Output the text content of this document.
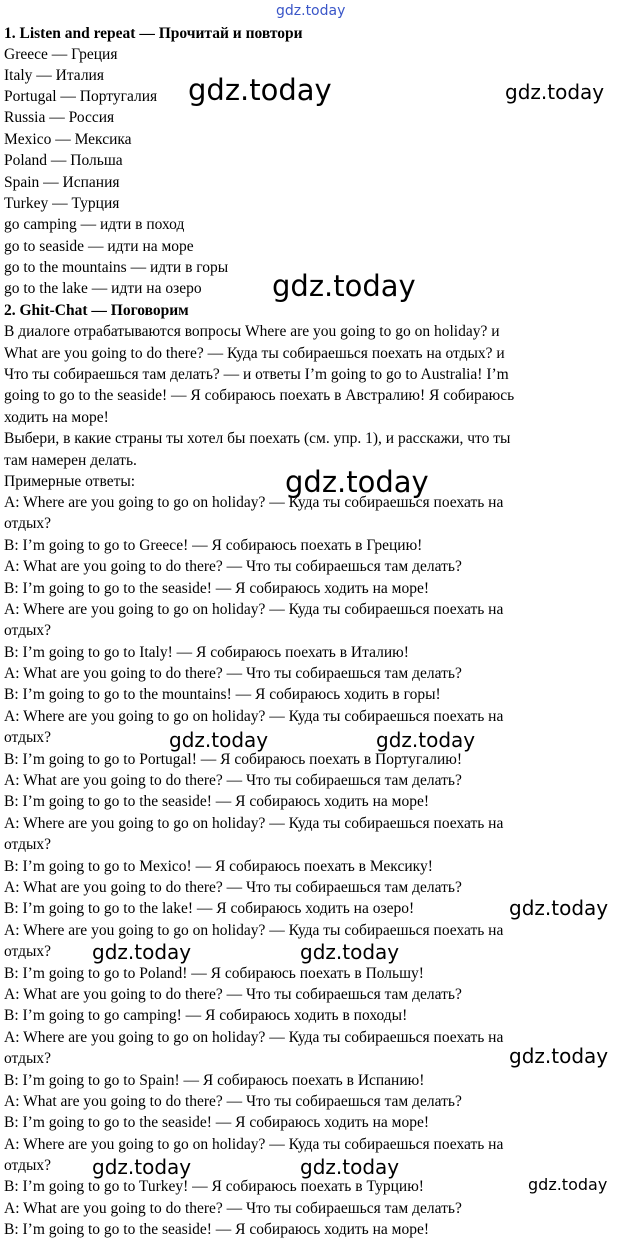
1. Listen and repeat — Прочитай и повтори
Greece — Греция
Italy — Италия
Portugal — Португалия
Russia — Россия
Mexico — Мексика
Poland — Польша
Spain — Испания
Turkey — Турция
go camping — идти в поход
go to seaside — идти на море
go to the mountains — идти в горы
go to the lake — идти на озеро
2. Ghit-Chat — Поговорим
В диалоге отрабатываются вопросы Where are you going to go on holiday? и
What are you going to do there? — Куда ты собираешься поехать на отдых? и
Что ты собираешься там делать? — и ответы I’m going to go to Australia! I’m
going to go to the seaside! — Я собираюсь поехать в Австралию! Я собираюсь
ходить на море!
Выбери, в какие страны ты хотел бы поехать (см. упр. 1), и расскажи, что ты
там намерен делать.
Примерные ответы:
A: Where are you going to go on holiday? — Куда ты собираешься поехать на
отдых?
B: I’m going to go to Greece! — Я собираюсь поехать в Грецию!
A: What are you going to do there? — Что ты собираешься там делать?
B: I’m going to go to the seaside! — Я собираюсь ходить на море!
A: Where are you going to go on holiday? — Куда ты собираешься поехать на
отдых?
B: I’m going to go to Italy! — Я собираюсь поехать в Италию!
A: What are you going to do there? — Что ты собираешься там делать?
B: I’m going to go to the mountains! — Я собираюсь ходить в горы!
A: Where are you going to go on holiday? — Куда ты собираешься поехать на
отдых?
B: I’m going to go to Portugal! — Я собираюсь поехать в Португалию!
A: What are you going to do there? — Что ты собираешься там делать?
B: I’m going to go to the seaside! — Я собираюсь ходить на море!
A: Where are you going to go on holiday? — Куда ты собираешься поехать на
отдых?
B: I’m going to go to Mexico! — Я собираюсь поехать в Мексику!
A: What are you going to do there? — Что ты собираешься там делать?
B: I’m going to go to the lake! — Я собираюсь ходить на озеро!
A: Where are you going to go on holiday? — Куда ты собираешься поехать на
отдых?
B: I’m going to go to Poland! — Я собираюсь поехать в Польшу!
A: What are you going to do there? — Что ты собираешься там делать?
B: I’m going to go camping! — Я собираюсь ходить в походы!
A: Where are you going to go on holiday? — Куда ты собираешься поехать на
отдых?
B: I’m going to go to Spain! — Я собираюсь поехать в Испанию!
A: What are you going to do there? — Что ты собираешься там делать?
B: I’m going to go to the seaside! — Я собираюсь ходить на море!
A: Where are you going to go on holiday? — Куда ты собираешься поехать на
отдых?
B: I’m going to go to Turkey! — Я собираюсь поехать в Турцию!
A: What are you going to do there? — Что ты собираешься там делать?
B: I’m going to go to the seaside! — Я собираюсь ходить на море!
gdz.today
gdz.today	gdz.today
gdz.today
gdz.today
gdz.today	gdz.today
gdz.today
gdz.today	gdz.today
gdz.today
gdz.today	gdz.today
gdz.today
